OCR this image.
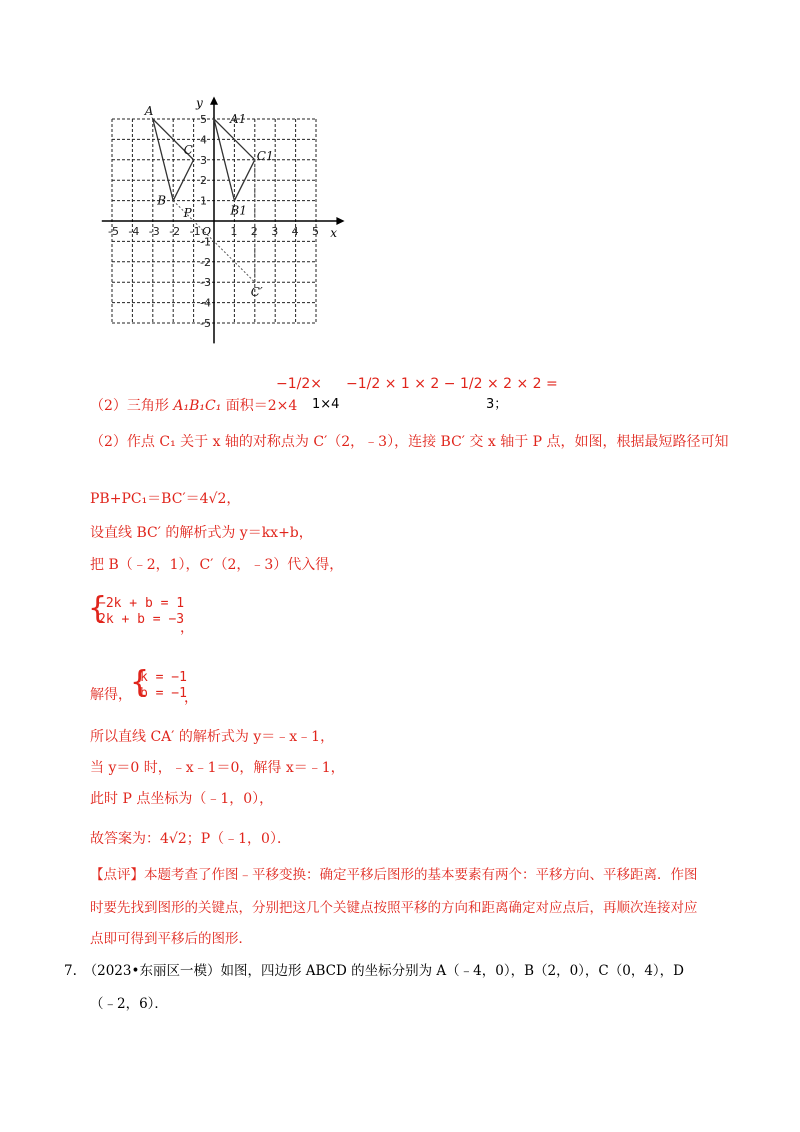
x
y
O
-5 -4 -3 -2 -1	1 2 3 4 5
5
4
3
2
1
-1
-2
-3
-4
-5
A
B
C
A1
B1
C1
C′
P
（2）三角形 A₁B₁C₁ 面积＝2×4
−1/2×
1×4
−1/2 × 1 × 2 − 1/2 × 2 × 2 =
3；
（2）作点 C₁ 关于 x 轴的对称点为 C′（2，﹣3），连接 BC′ 交 x 轴于 P 点，如图，根据最短路径可知
PB+PC₁＝BC′＝4√2，
设直线 BC′ 的解析式为 y＝kx+b，
把 B（﹣2，1），C′（2，﹣3）代入得，
{
−2k + b = 1
2k + b = −3
，
解得，
{
k = −1
b = −1
，
所以直线 CA′ 的解析式为 y＝﹣x﹣1，
当 y＝0 时，﹣x﹣1＝0，解得 x＝﹣1，
此时 P 点坐标为（﹣1，0），
故答案为：4√2；P（﹣1，0）．
【点评】本题考查了作图﹣平移变换：确定平移后图形的基本要素有两个：平移方向、平移距离．作图
时要先找到图形的关键点，分别把这几个关键点按照平移的方向和距离确定对应点后，再顺次连接对应
点即可得到平移后的图形．
7.　（2023•东丽区一模）如图，四边形 ABCD 的坐标分别为 A（﹣4，0），B（2，0），C（0，4），D
（﹣2，6）．
